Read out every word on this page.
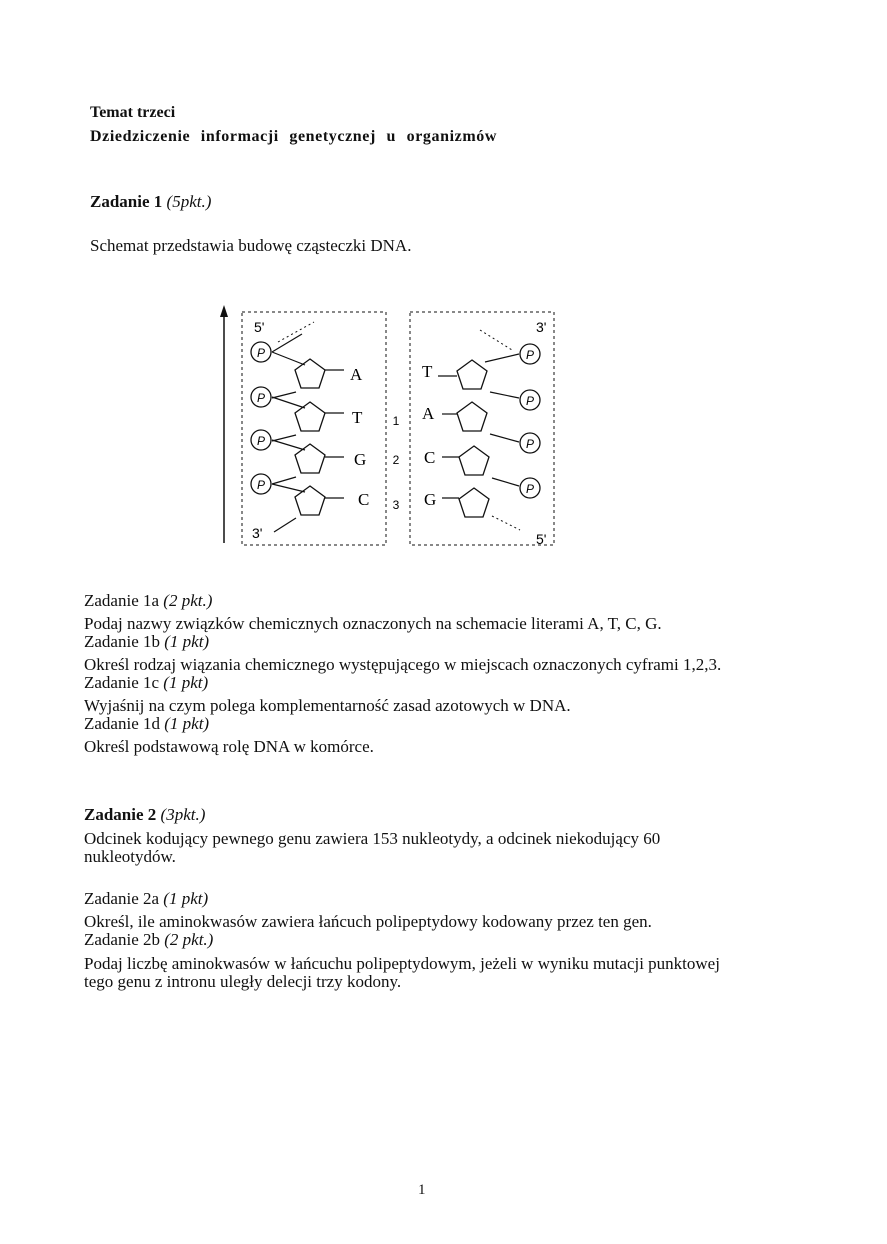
Temat trzeci
Dziedziczenie informacji genetycznej u organizmów
Zadanie 1 (5pkt.)
Schemat przedstawia budowę cząsteczki DNA.
5'
P
A
P
T
P
G
P
C
3'
1
2
3
3'
P
T
P
A
P
C
P
G
5'
Zadanie 1a (2 pkt.)
Podaj nazwy związków chemicznych oznaczonych na schemacie literami A, T, C, G.
Zadanie 1b (1 pkt)
Określ rodzaj wiązania chemicznego występującego w miejscach oznaczonych cyframi 1,2,3.
Zadanie 1c (1 pkt)
Wyjaśnij na czym polega komplementarność zasad azotowych w DNA.
Zadanie 1d (1 pkt)
Określ podstawową rolę DNA w komórce.
Zadanie 2 (3pkt.)
Odcinek kodujący pewnego genu zawiera 153 nukleotydy, a odcinek niekodujący 60
nukleotydów.
Zadanie 2a (1 pkt)
Określ, ile aminokwasów zawiera łańcuch polipeptydowy kodowany przez ten gen.
Zadanie 2b (2 pkt.)
Podaj liczbę aminokwasów w łańcuchu polipeptydowym, jeżeli w wyniku mutacji punktowej
tego genu z intronu uległy delecji trzy kodony.
1
